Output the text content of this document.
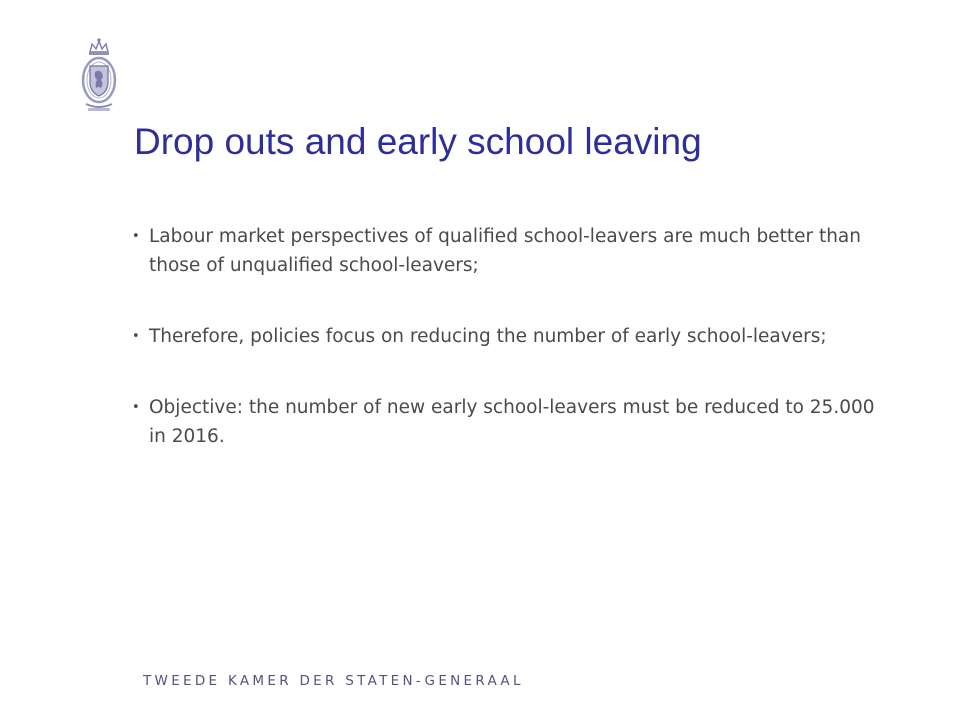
Drop outs and early school leaving
• Labour market perspectives of qualified school-leavers are much better than those of unqualified school-leavers;
• Therefore, policies focus on reducing the number of early school-leavers;
• Objective: the number of new early school-leavers must be reduced to 25.000 in 2016.
TWEEDE KAMER DER STATEN-GENERAAL
